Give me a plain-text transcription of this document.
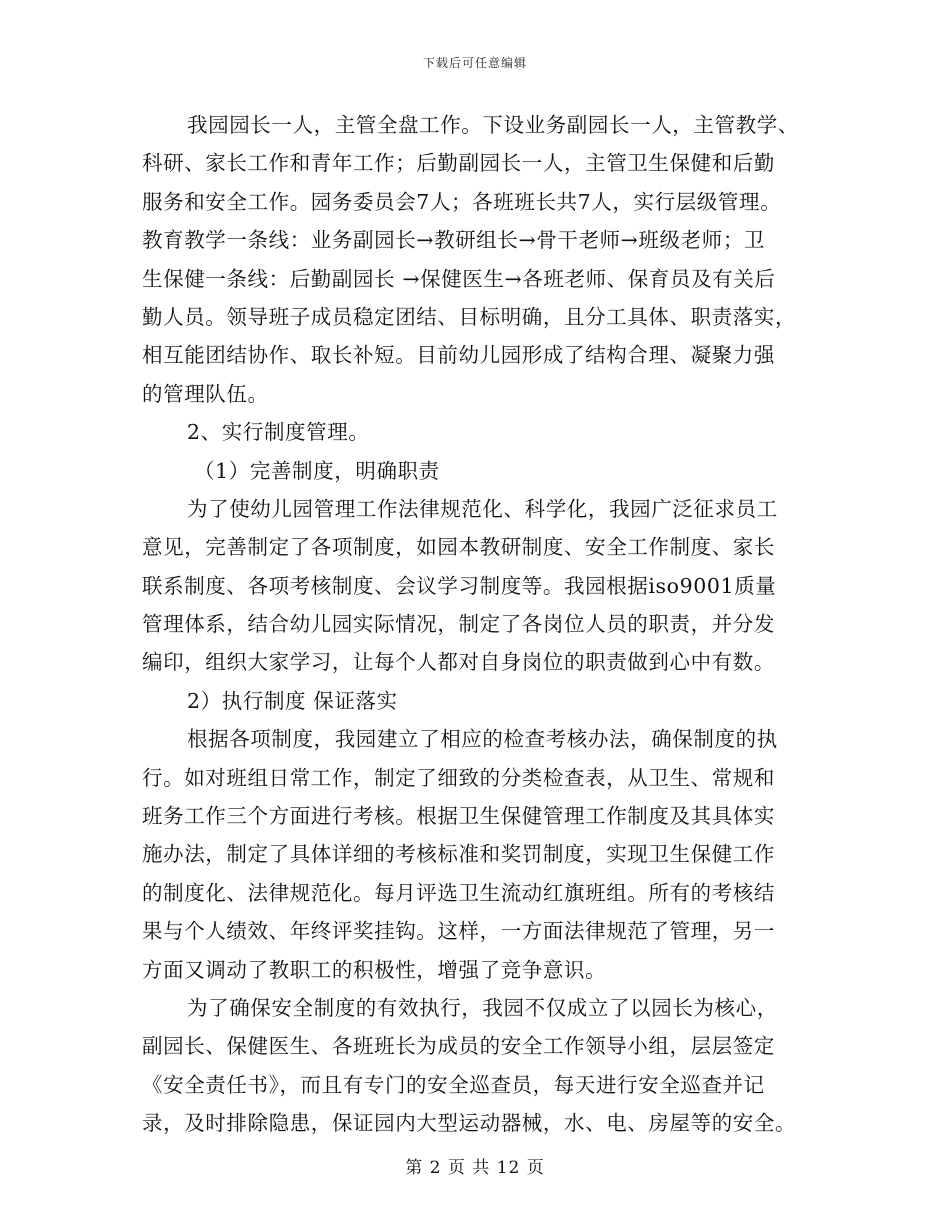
下载后可任意编辑
我园园长一人，主管全盘工作。下设业务副园长一人，主管教学、
科研、家长工作和青年工作；后勤副园长一人，主管卫生保健和后勤
服务和安全工作。园务委员会7人；各班班长共7人，实行层级管理。
教育教学一条线：业务副园长→教研组长→骨干老师→班级老师；卫
生保健一条线：后勤副园长 →保健医生→各班老师、保育员及有关后
勤人员。领导班子成员稳定团结、目标明确，且分工具体、职责落实，
相互能团结协作、取长补短。目前幼儿园形成了结构合理、凝聚力强
的管理队伍。
2、实行制度管理。
（1）完善制度，明确职责
为了使幼儿园管理工作法律规范化、科学化，我园广泛征求员工
意见，完善制定了各项制度，如园本教研制度、安全工作制度、家长
联系制度、各项考核制度、会议学习制度等。我园根据iso9001质量
管理体系，结合幼儿园实际情况，制定了各岗位人员的职责，并分发
编印，组织大家学习，让每个人都对自身岗位的职责做到心中有数。
2）执行制度 保证落实
根据各项制度，我园建立了相应的检查考核办法，确保制度的执
行。如对班组日常工作，制定了细致的分类检查表，从卫生、常规和
班务工作三个方面进行考核。根据卫生保健管理工作制度及其具体实
施办法，制定了具体详细的考核标准和奖罚制度，实现卫生保健工作
的制度化、法律规范化。每月评选卫生流动红旗班组。所有的考核结
果与个人绩效、年终评奖挂钩。这样，一方面法律规范了管理，另一
方面又调动了教职工的积极性，增强了竞争意识。
为了确保安全制度的有效执行，我园不仅成立了以园长为核心，
副园长、保健医生、各班班长为成员的安全工作领导小组，层层签定
《安全责任书》，而且有专门的安全巡查员，每天进行安全巡查并记
录，及时排除隐患，保证园内大型运动器械，水、电、房屋等的安全。
第 2 页 共 12 页
